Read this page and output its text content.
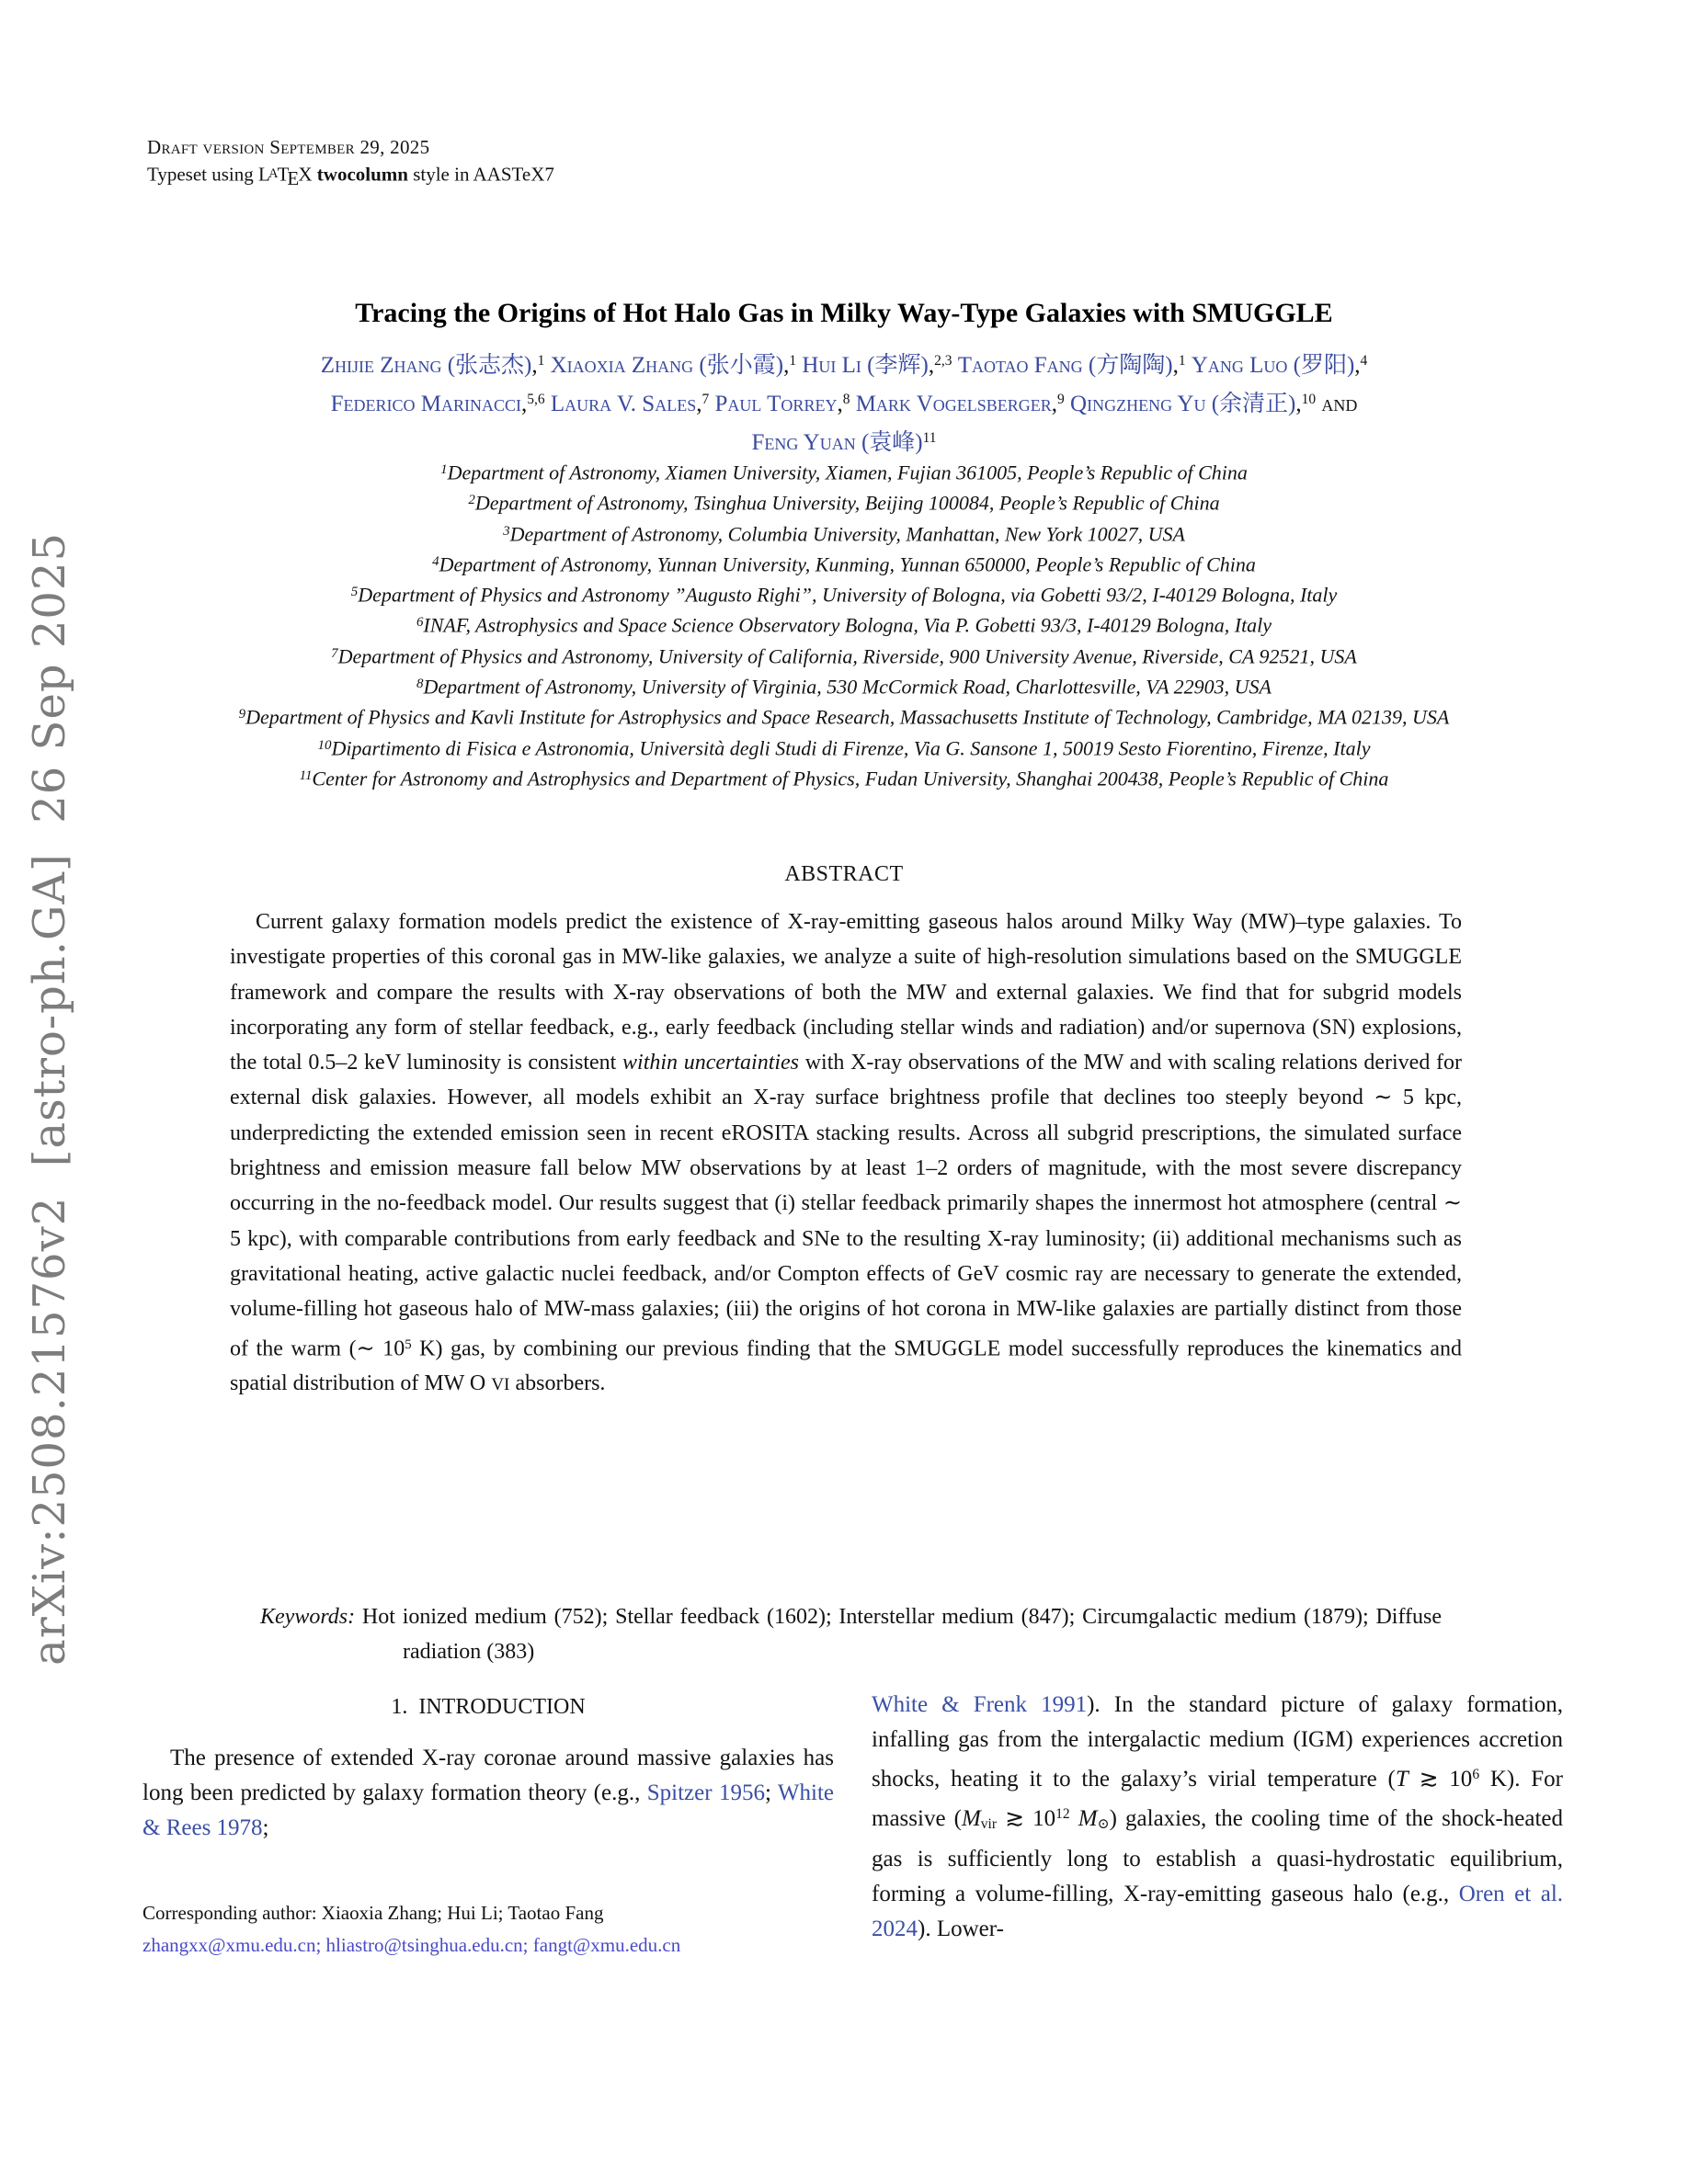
arXiv:2508.21576v2  [astro-ph.GA]  26 Sep 2025
Draft version September 29, 2025
Typeset using LATEX twocolumn style in AASTeX7
Tracing the Origins of Hot Halo Gas in Milky Way-Type Galaxies with SMUGGLE
Zhijie Zhang (张志杰),$^1$ Xiaoxia Zhang (张小霞),$^1$ Hui Li (李辉),$^{2,3}$ Taotao Fang (方陶陶),$^1$ Yang Luo (罗阳),$^4$
Federico Marinacci,$^{5,6}$ Laura V. Sales,$^7$ Paul Torrey,$^8$ Mark Vogelsberger,$^9$ Qingzheng Yu (余清正),$^{10}$ and
Feng Yuan (袁峰)$^{11}$
$^1$Department of Astronomy, Xiamen University, Xiamen, Fujian 361005, People’s Republic of China
$^2$Department of Astronomy, Tsinghua University, Beijing 100084, People’s Republic of China
$^3$Department of Astronomy, Columbia University, Manhattan, New York 10027, USA
$^4$Department of Astronomy, Yunnan University, Kunming, Yunnan 650000, People’s Republic of China
$^5$Department of Physics and Astronomy ”Augusto Righi”, University of Bologna, via Gobetti 93/2, I-40129 Bologna, Italy
$^6$INAF, Astrophysics and Space Science Observatory Bologna, Via P. Gobetti 93/3, I-40129 Bologna, Italy
$^7$Department of Physics and Astronomy, University of California, Riverside, 900 University Avenue, Riverside, CA 92521, USA
$^8$Department of Astronomy, University of Virginia, 530 McCormick Road, Charlottesville, VA 22903, USA
$^9$Department of Physics and Kavli Institute for Astrophysics and Space Research, Massachusetts Institute of Technology, Cambridge, MA 02139, USA
$^{10}$Dipartimento di Fisica e Astronomia, Università degli Studi di Firenze, Via G. Sansone 1, 50019 Sesto Fiorentino, Firenze, Italy
$^{11}$Center for Astronomy and Astrophysics and Department of Physics, Fudan University, Shanghai 200438, People’s Republic of China
ABSTRACT
Current galaxy formation models predict the existence of X-ray-emitting gaseous halos around Milky Way (MW)–type galaxies. To investigate properties of this coronal gas in MW-like galaxies, we analyze a suite of high-resolution simulations based on the SMUGGLE framework and compare the results with X-ray observations of both the MW and external galaxies. We find that for subgrid models incorporating any form of stellar feedback, e.g., early feedback (including stellar winds and radiation) and/or supernova (SN) explosions, the total 0.5–2 keV luminosity is consistent within uncertainties with X-ray observations of the MW and with scaling relations derived for external disk galaxies. However, all models exhibit an X-ray surface brightness profile that declines too steeply beyond ∼ 5 kpc, underpredicting the extended emission seen in recent eROSITA stacking results. Across all subgrid prescriptions, the simulated surface brightness and emission measure fall below MW observations by at least 1–2 orders of magnitude, with the most severe discrepancy occurring in the no-feedback model. Our results suggest that (i) stellar feedback primarily shapes the innermost hot atmosphere (central ∼ 5 kpc), with comparable contributions from early feedback and SNe to the resulting X-ray luminosity; (ii) additional mechanisms such as gravitational heating, active galactic nuclei feedback, and/or Compton effects of GeV cosmic ray are necessary to generate the extended, volume-filling hot gaseous halo of MW-mass galaxies; (iii) the origins of hot corona in MW-like galaxies are partially distinct from those of the warm (∼ $10^5$ K) gas, by combining our previous finding that the SMUGGLE model successfully reproduces the kinematics and spatial distribution of MW O VI absorbers.
Keywords: Hot ionized medium (752); Stellar feedback (1602); Interstellar medium (847); Circumgalactic medium (1879); Diffuse radiation (383)
1.  INTRODUCTION
The presence of extended X-ray coronae around massive galaxies has long been predicted by galaxy formation theory (e.g., Spitzer 1956; White & Rees 1978;
Corresponding author: Xiaoxia Zhang; Hui Li; Taotao Fang
zhangxx@xmu.edu.cn; hliastro@tsinghua.edu.cn; fangt@xmu.edu.cn
White & Frenk 1991). In the standard picture of galaxy formation, infalling gas from the intergalactic medium (IGM) experiences accretion shocks, heating it to the galaxy’s virial temperature (T ≳ $10^6$ K). For massive (Mvir ≳ $10^{12}$ M⊙) galaxies, the cooling time of the shock-heated gas is sufficiently long to establish a quasi-hydrostatic equilibrium, forming a volume-filling, X-ray-emitting gaseous halo (e.g., Oren et al. 2024). Lower-
